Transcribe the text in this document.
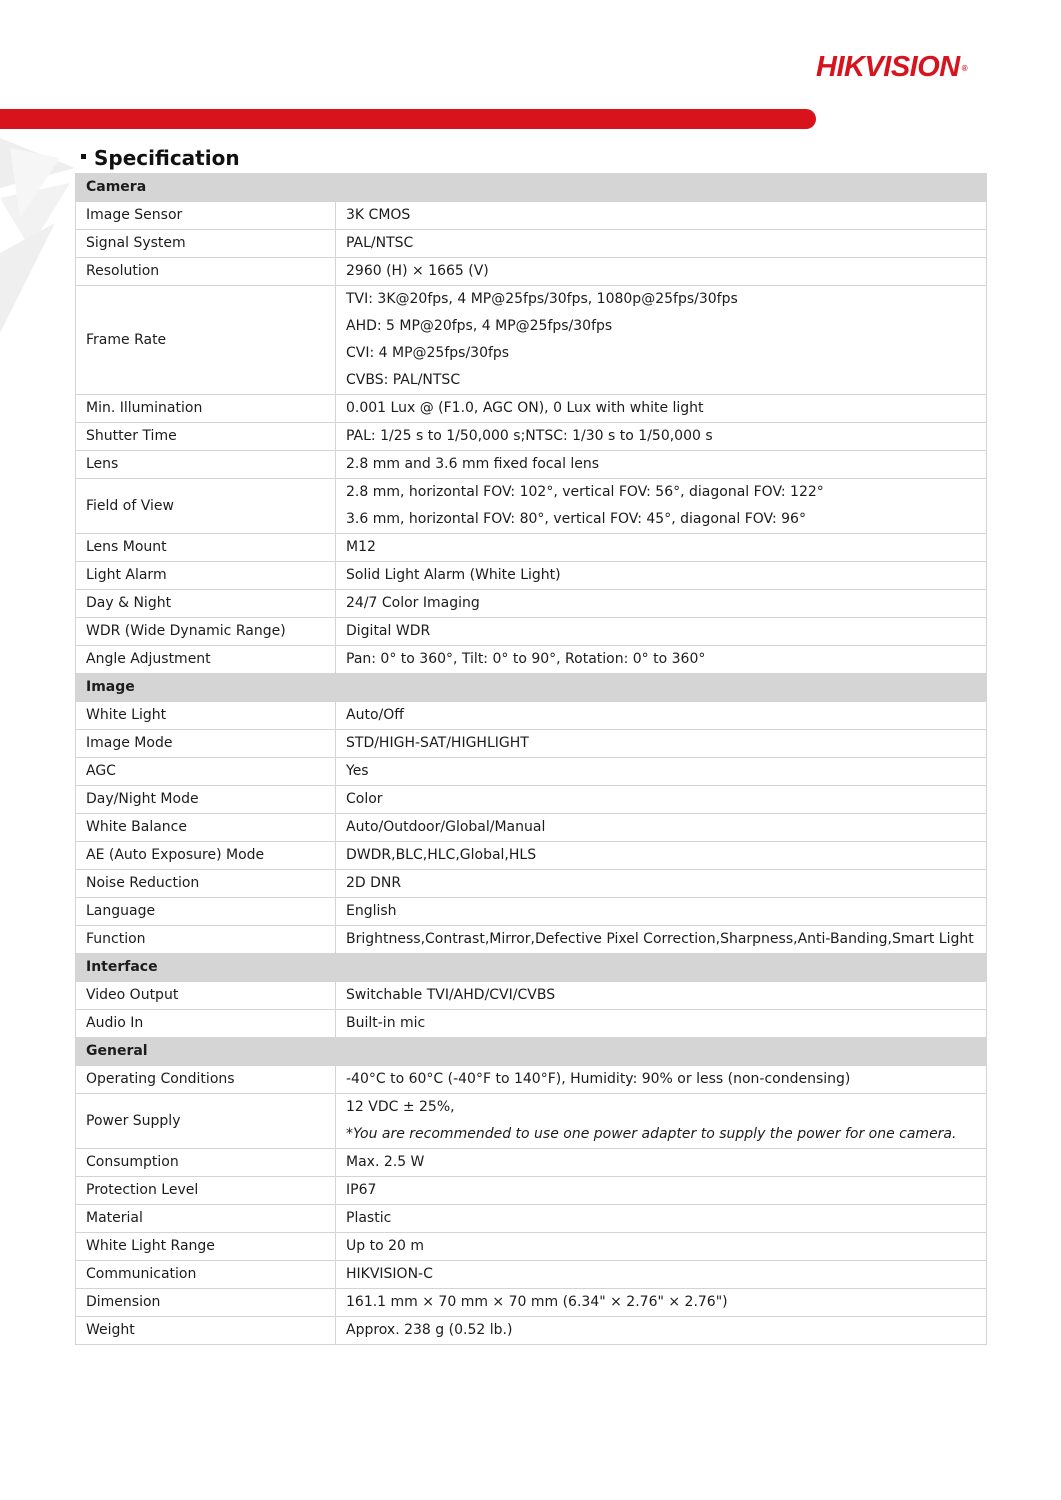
HIKVISION ®
Specification
Camera	
Image Sensor	3K CMOS
Signal System	PAL/NTSC
Resolution	2960 (H) × 1665 (V)
Frame Rate	TVI: 3K@20fps, 4 MP@25fps/30fps, 1080p@25fps/30fps
AHD: 5 MP@20fps, 4 MP@25fps/30fps
CVI: 4 MP@25fps/30fps
CVBS: PAL/NTSC

Min. Illumination	0.001 Lux @ (F1.0, AGC ON), 0 Lux with white light
Shutter Time	PAL: 1/25 s to 1/50,000 s;NTSC: 1/30 s to 1/50,000 s
Lens	2.8 mm and 3.6 mm fixed focal lens
Field of View	2.8 mm, horizontal FOV: 102°, vertical FOV: 56°, diagonal FOV: 122°
3.6 mm, horizontal FOV: 80°, vertical FOV: 45°, diagonal FOV: 96°

Lens Mount	M12
Light Alarm	Solid Light Alarm (White Light)
Day & Night	24/7 Color Imaging
WDR (Wide Dynamic Range)	Digital WDR
Angle Adjustment	Pan: 0° to 360°, Tilt: 0° to 90°, Rotation: 0° to 360°
Image	
White Light	Auto/Off
Image Mode	STD/HIGH-SAT/HIGHLIGHT
AGC	Yes
Day/Night Mode	Color
White Balance	Auto/Outdoor/Global/Manual
AE (Auto Exposure) Mode	DWDR,BLC,HLC,Global,HLS
Noise Reduction	2D DNR
Language	English
Function	Brightness,Contrast,Mirror,Defective Pixel Correction,Sharpness,Anti-Banding,Smart Light

Interface	
Video Output	Switchable TVI/AHD/CVI/CVBS
Audio In	Built-in mic
General	
Operating Conditions	-40°C to 60°C (-40°F to 140°F), Humidity: 90% or less (non-condensing)
Power Supply	12 VDC ± 25%,
*You are recommended to use one power adapter to supply the power for one camera.

Consumption	Max. 2.5 W
Protection Level	IP67
Material	Plastic
White Light Range	Up to 20 m
Communication	HIKVISION-C
Dimension	161.1 mm × 70 mm × 70 mm (6.34" × 2.76" × 2.76")
Weight	Approx. 238 g (0.52 lb.)
